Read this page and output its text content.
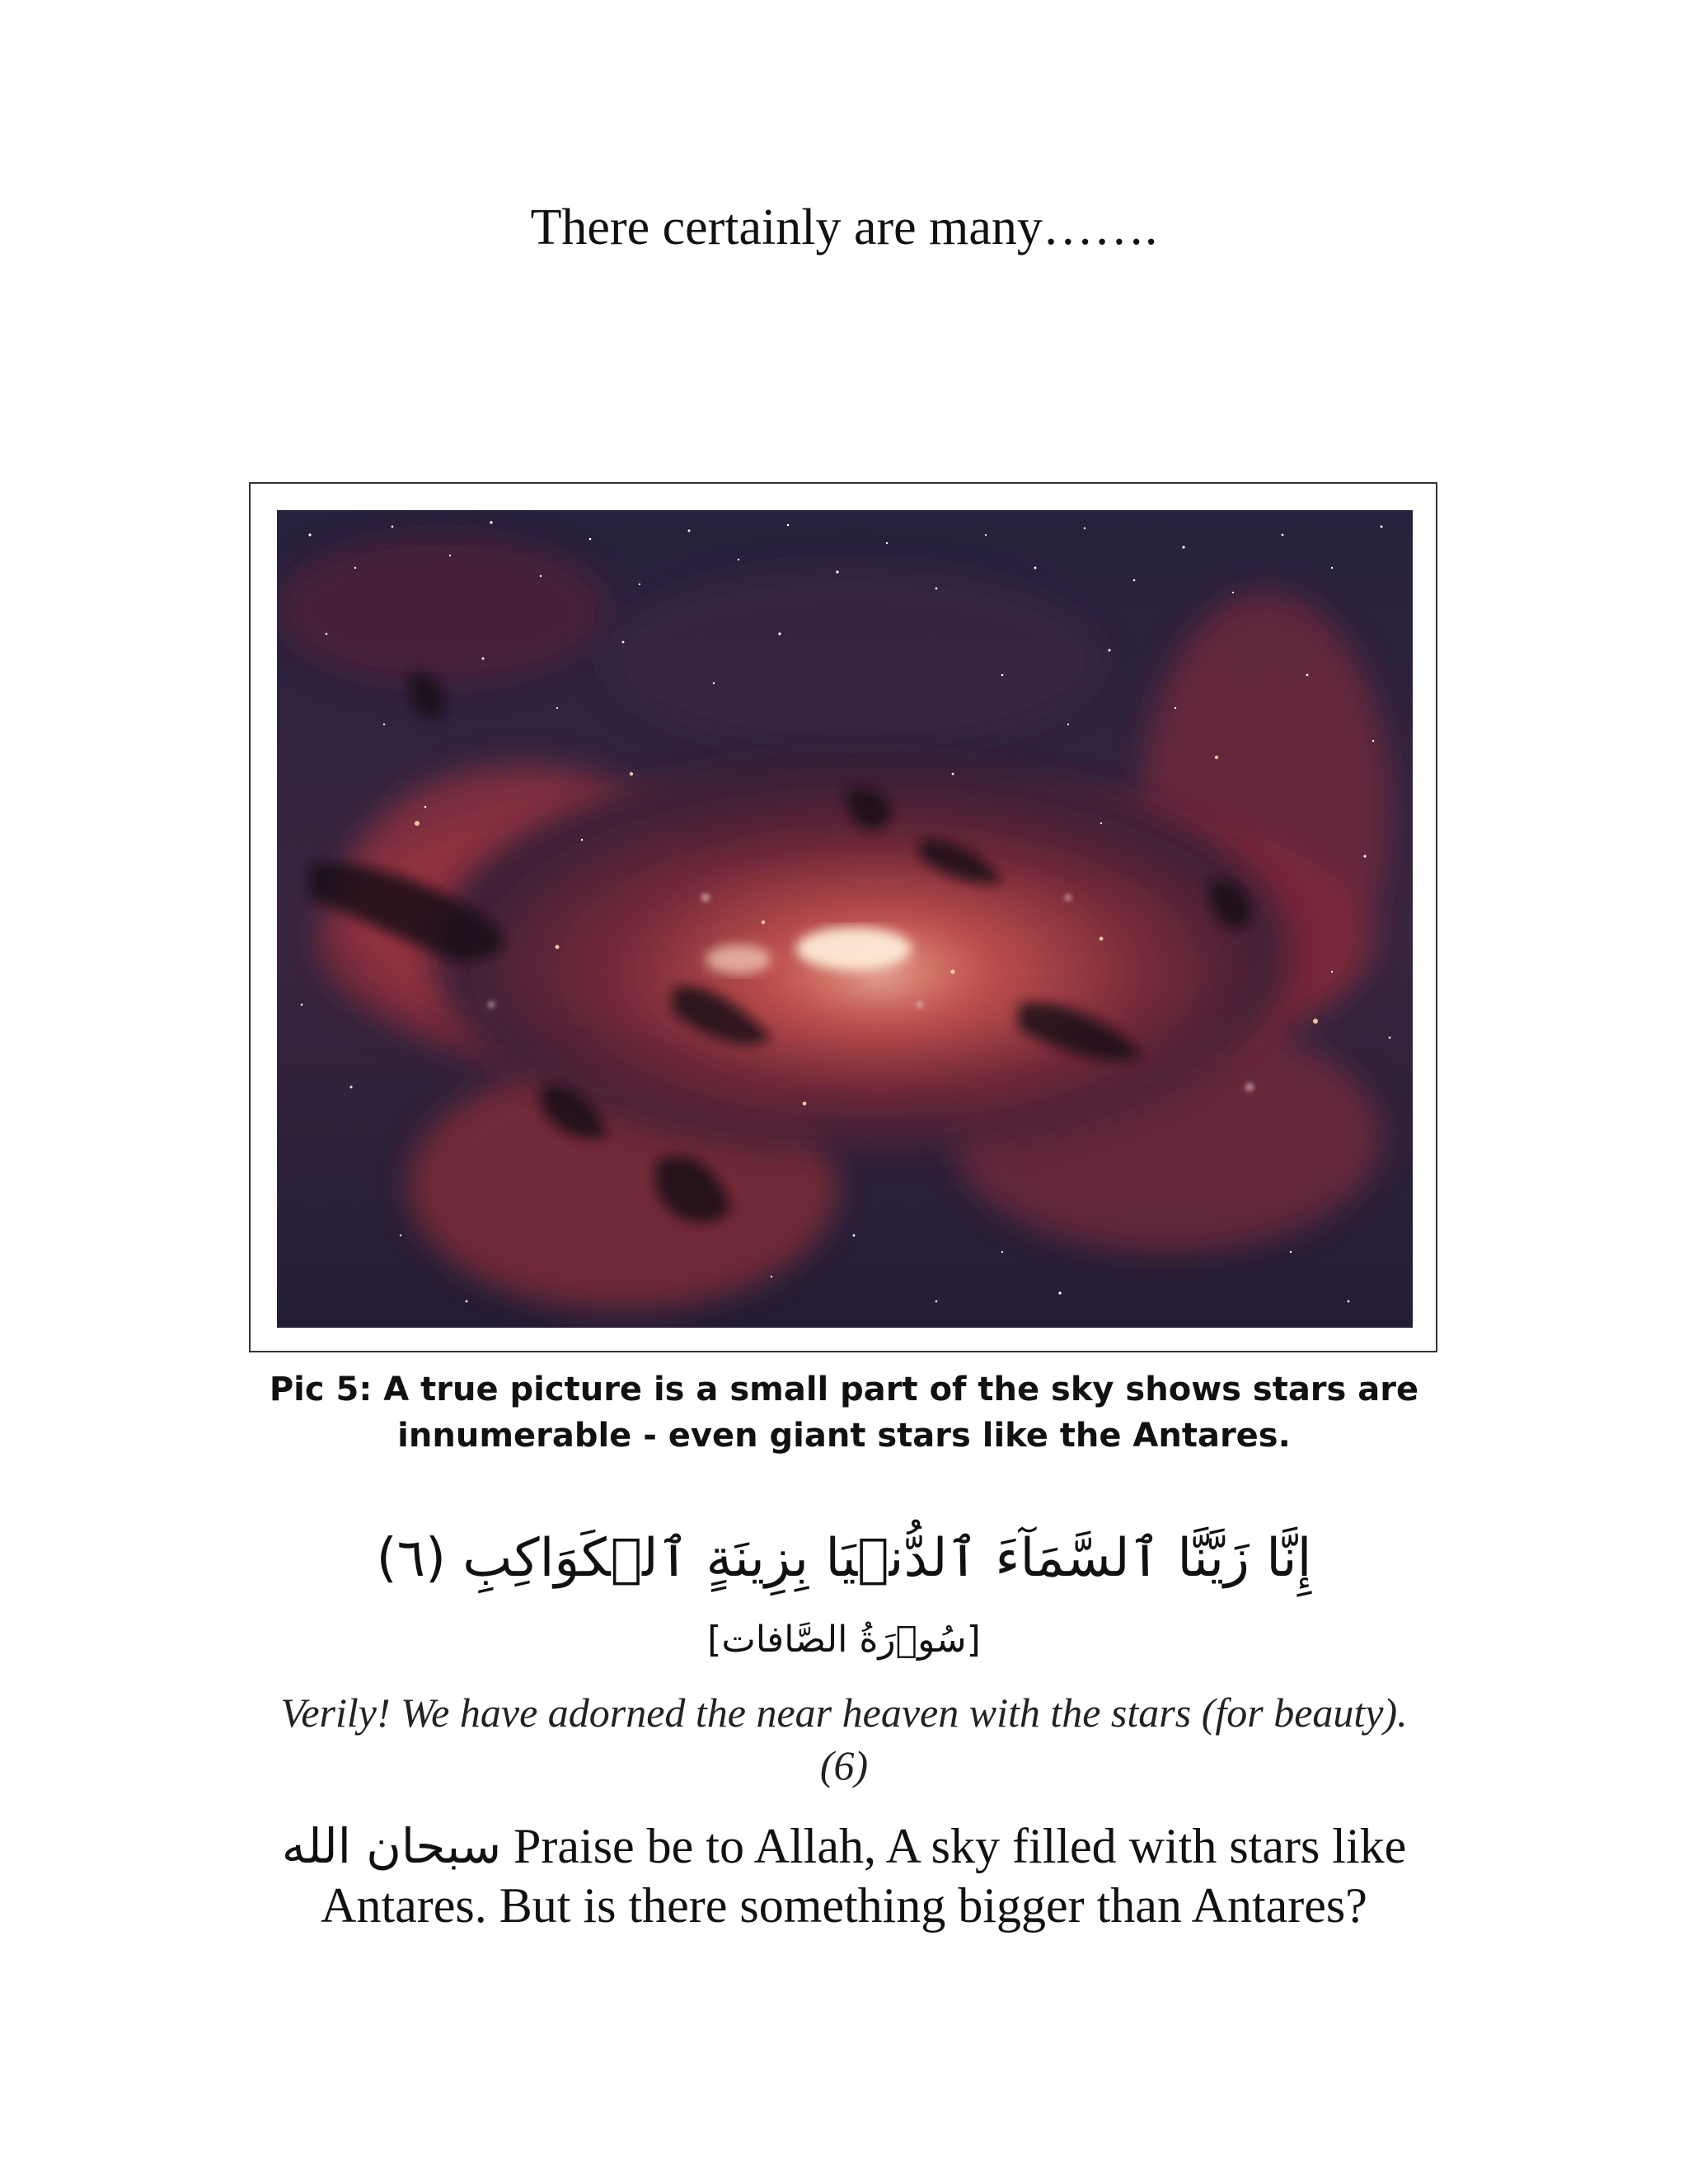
There certainly are many…….
Pic 5: A true picture is a small part of the sky shows stars are
innumerable - even giant stars like the Antares.
إِنَّا زَيَّنَّا ٱلسَّمَآءَ ٱلدُّنۡيَا بِزِينَةٍ ٱلۡكَوَاكِبِ (٦)
[سُوۡرَةُ الصَّافات]
Verily! We have adorned the near heaven with the stars (for beauty). (6)
سبحان الله Praise be to Allah, A sky filled with stars like
Antares. But is there something bigger than Antares?
